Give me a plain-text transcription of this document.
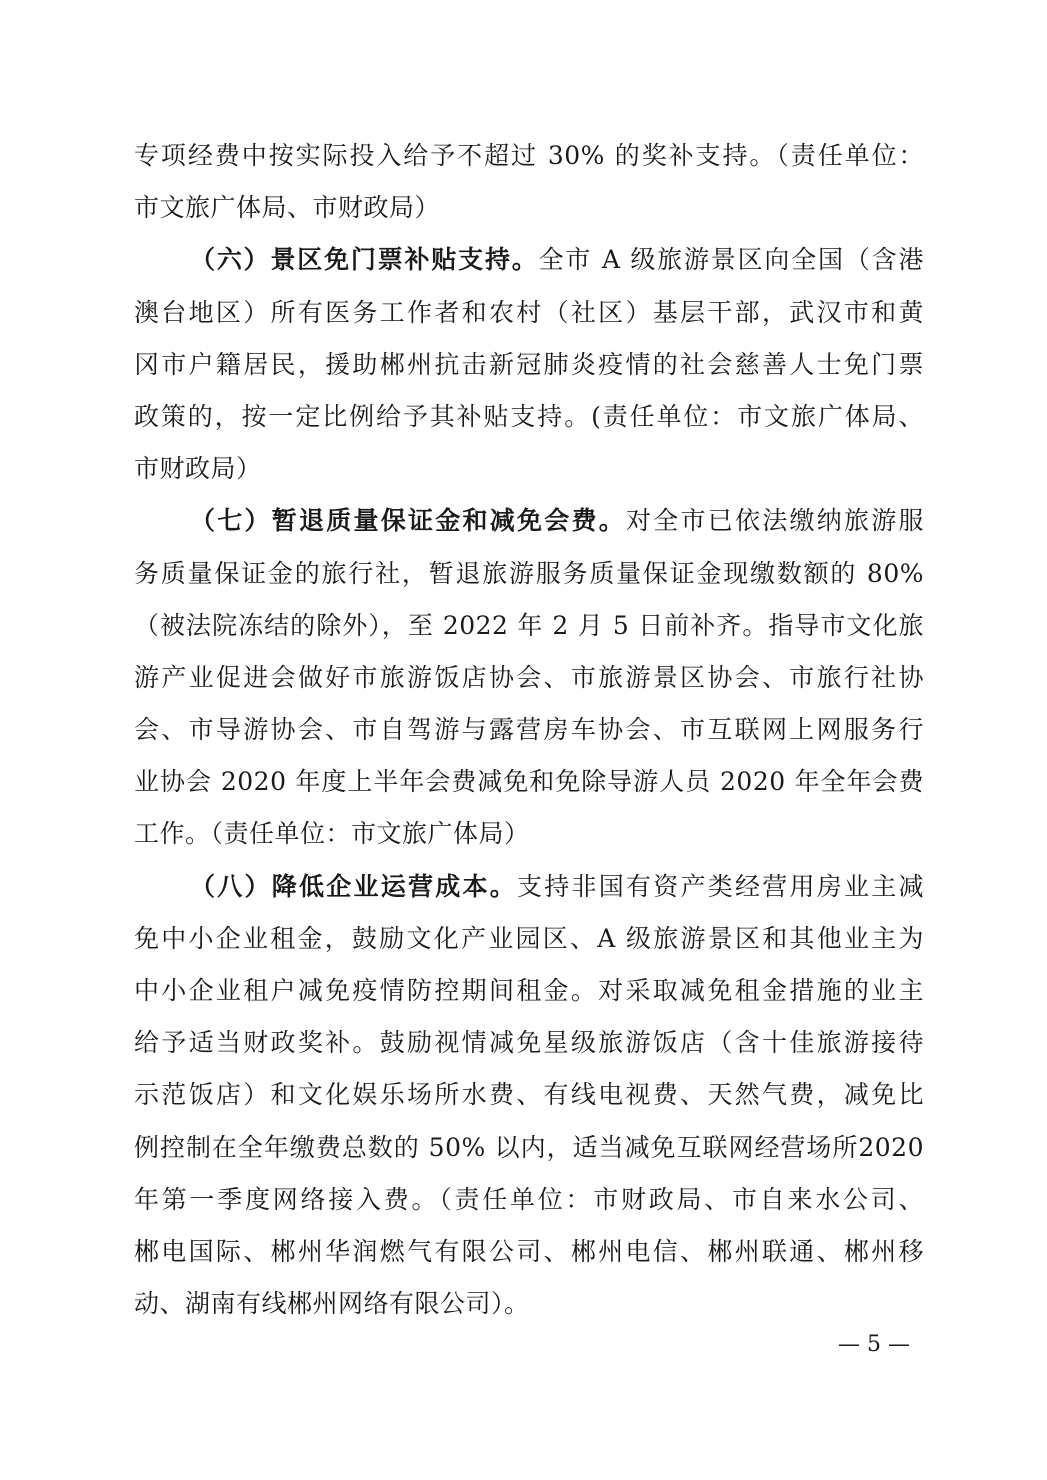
专项经费中按实际投入给予不超过 30% 的奖补支持。（责任单位：

市文旅广体局、市财政局）

（六）景区免门票补贴支持。全市 A 级旅游景区向全国（含港

澳台地区）所有医务工作者和农村（社区）基层干部，武汉市和黄

冈市户籍居民，援助郴州抗击新冠肺炎疫情的社会慈善人士免门票

政策的，按一定比例给予其补贴支持。(责任单位：市文旅广体局、

市财政局）

（七）暂退质量保证金和减免会费。对全市已依法缴纳旅游服

务质量保证金的旅行社，暂退旅游服务质量保证金现缴数额的 80%

（被法院冻结的除外），至 2022 年 2 月 5 日前补齐。指导市文化旅

游产业促进会做好市旅游饭店协会、市旅游景区协会、市旅行社协

会、市导游协会、市自驾游与露营房车协会、市互联网上网服务行

业协会 2020 年度上半年会费减免和免除导游人员 2020 年全年会费

工作。（责任单位：市文旅广体局）

（八）降低企业运营成本。支持非国有资产类经营用房业主减

免中小企业租金，鼓励文化产业园区、A 级旅游景区和其他业主为

中小企业租户减免疫情防控期间租金。对采取减免租金措施的业主

给予适当财政奖补。鼓励视情减免星级旅游饭店（含十佳旅游接待

示范饭店）和文化娱乐场所水费、有线电视费、天然气费，减免比

例控制在全年缴费总数的 50% 以内，适当减免互联网经营场所2020

年第一季度网络接入费。（责任单位：市财政局、市自来水公司、

郴电国际、郴州华润燃气有限公司、郴州电信、郴州联通、郴州移

动、湖南有线郴州网络有限公司）。

— 5 —
